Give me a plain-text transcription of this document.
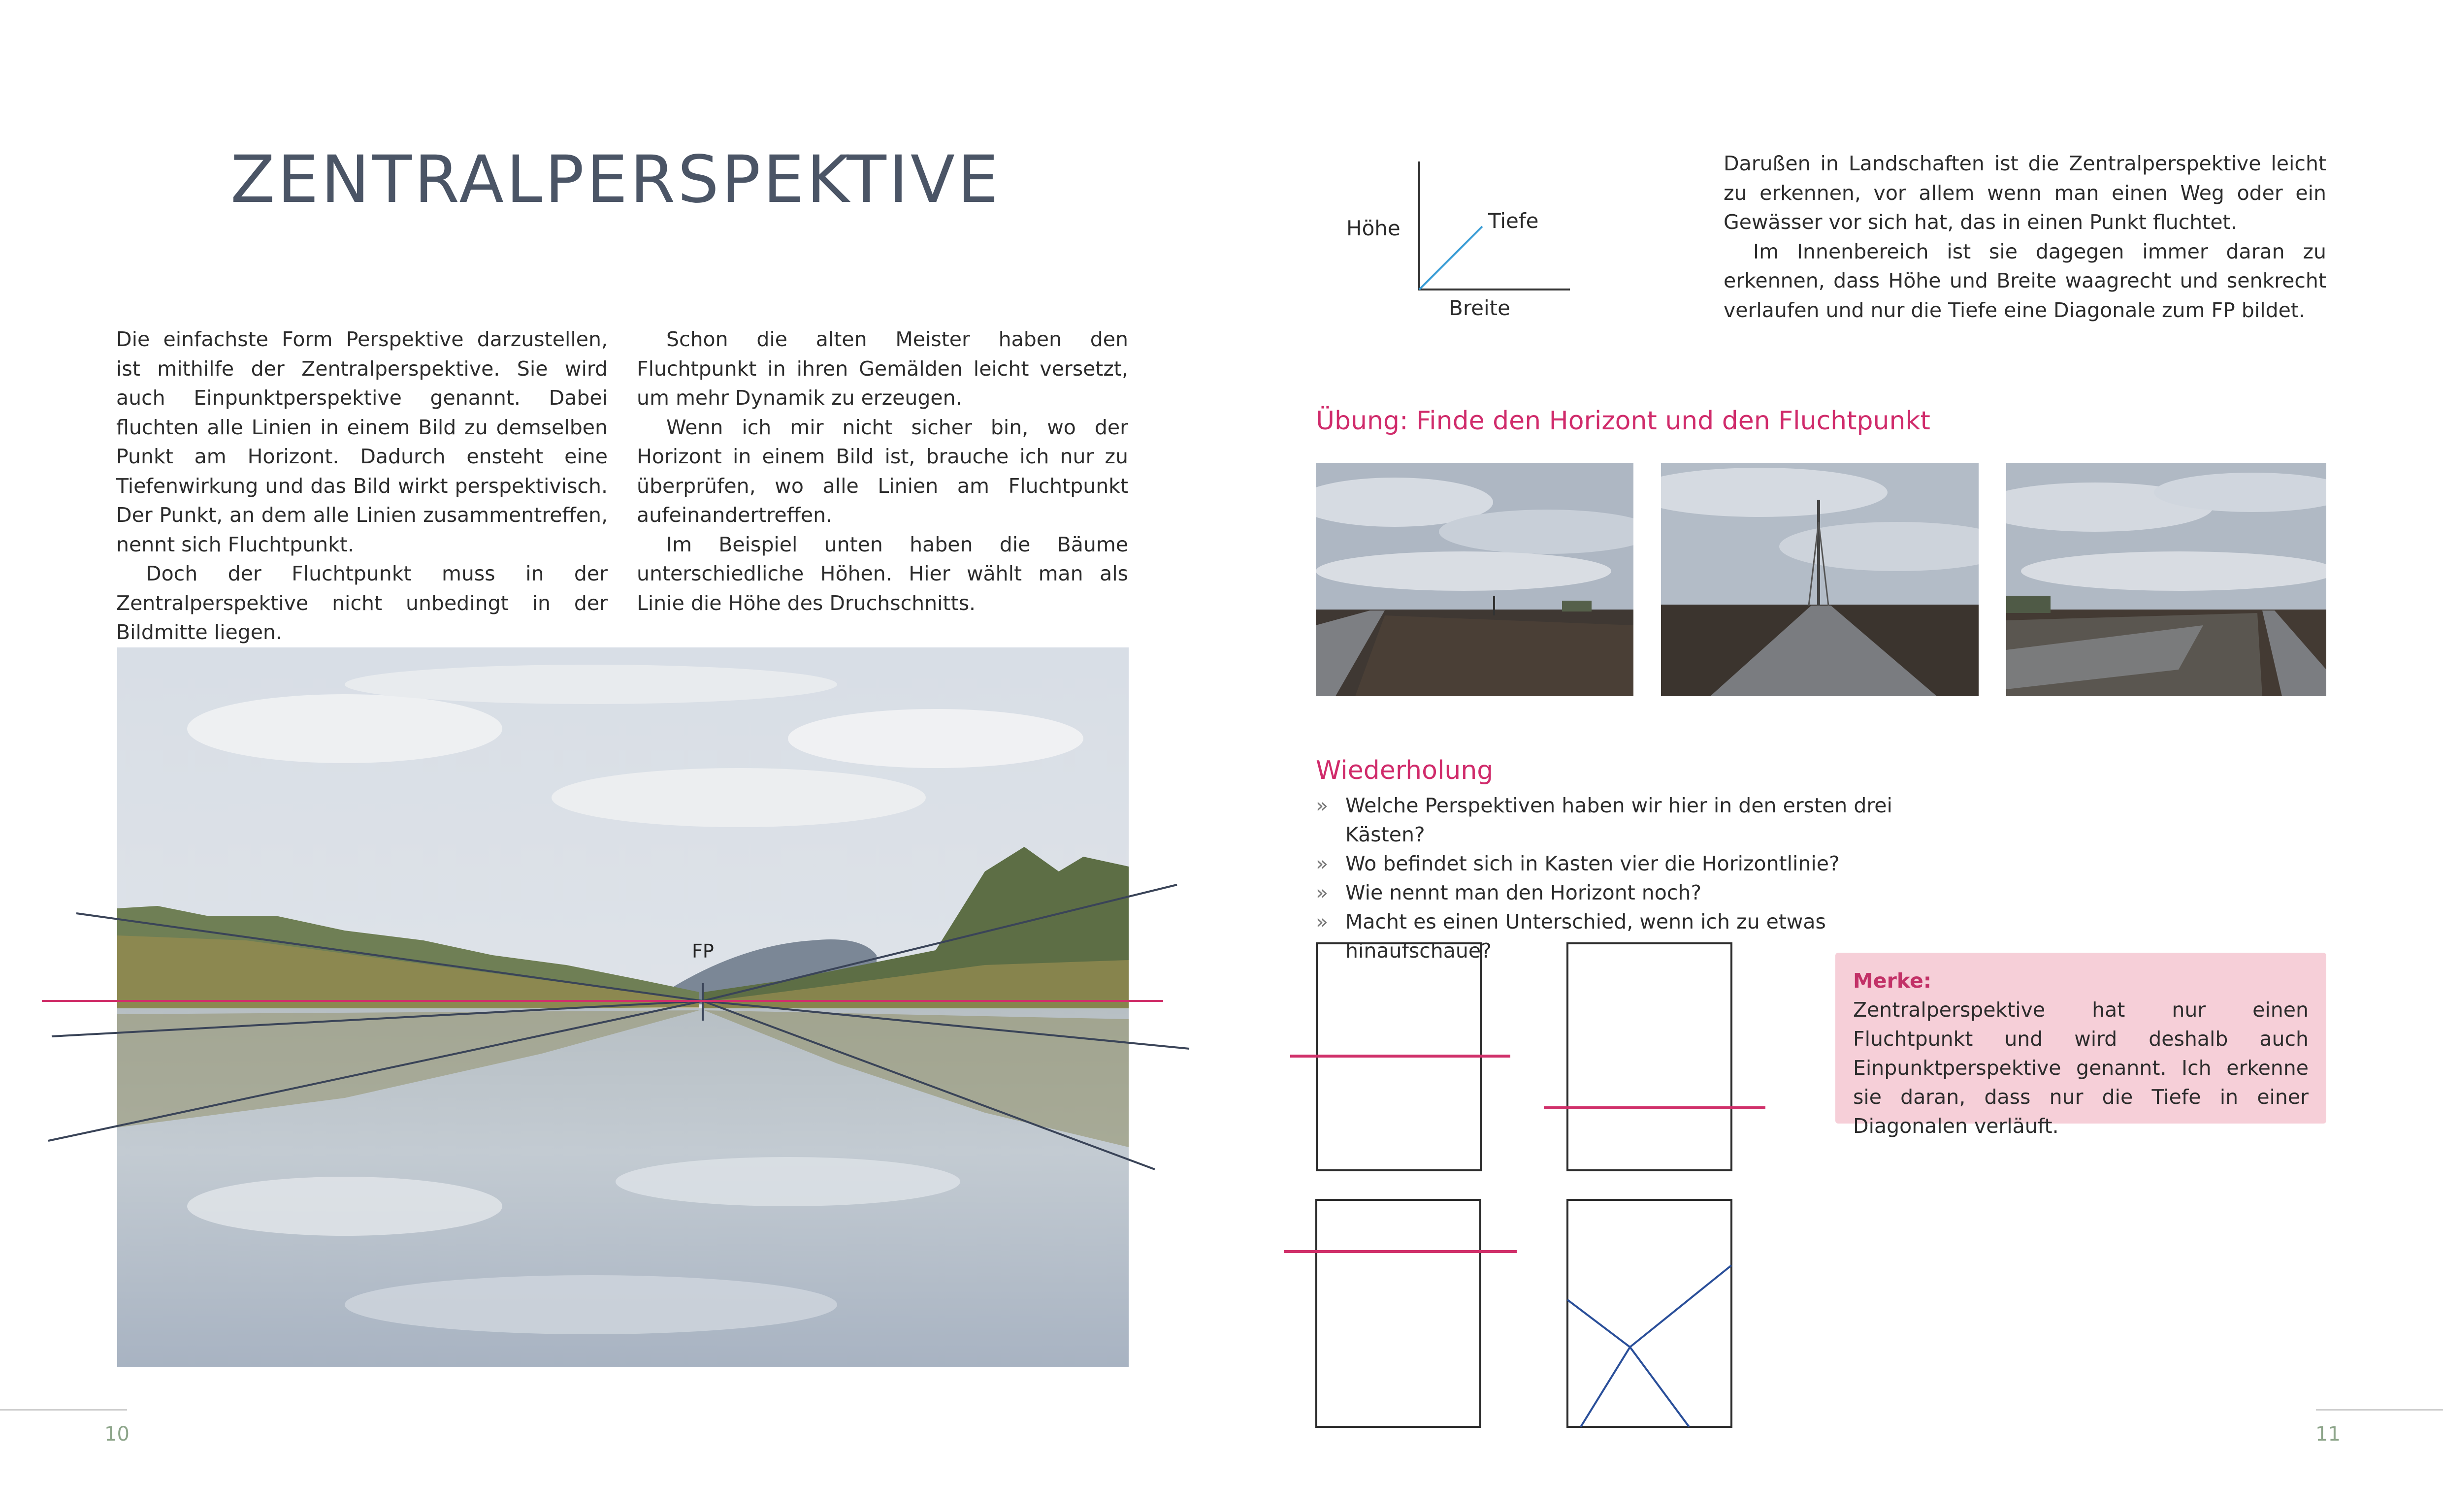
ZENTRALPERSPEKTIVE

Die einfachste Form Perspektive darzustellen, ist mithilfe der Zentralperspektive. Sie wird auch Einpunktperspektive genannt. Dabei fluchten alle Linien in einem Bild zu demselben Punkt am Horizont. Dadurch ensteht eine Tiefenwirkung und das Bild wirkt perspektivisch. Der Punkt, an dem alle Linien zusammentreffen, nennt sich Fluchtpunkt.

Doch der Fluchtpunkt muss in der Zentralperspektive nicht unbedingt in der Bildmitte liegen.

Schon die alten Meister haben den Fluchtpunkt in ihren Gemälden leicht versetzt, um mehr Dynamik zu erzeugen.

Wenn ich mir nicht sicher bin, wo der Horizont in einem Bild ist, brauche ich nur zu überprüfen, wo alle Linien am Fluchtpunkt aufeinandertreffen.

Im Beispiel unten haben die Bäume unterschiedliche Höhen. Hier wählt man als Linie die Höhe des Druchschnitts.

FP
10
Höhe	Tiefe
Breite

Darußen in Landschaften ist die Zentralperspektive leicht zu erkennen, vor allem wenn man einen Weg oder ein Gewässer vor sich hat, das in einen Punkt fluchtet.

Im Innenbereich ist sie dagegen immer daran zu erkennen, dass Höhe und Breite waagrecht und senkrecht verlaufen und nur die Tiefe eine Diagonale zum FP bildet.

Übung: Finde den Horizont und den Fluchtpunkt
Wiederholung
» Welche Perspektiven haben wir hier in den ersten drei Kästen?
» Wo befindet sich in Kasten vier die Horizontlinie?
» Wie nennt man den Horizont noch?
» Macht es einen Unterschied, wenn ich zu etwas hinaufschaue?
Merke:
Zentralperspektive hat nur einen Fluchtpunkt und wird deshalb auch Einpunktperspektive genannt. Ich erkenne sie daran, dass nur die Tiefe in einer Diagonalen verläuft.
11
